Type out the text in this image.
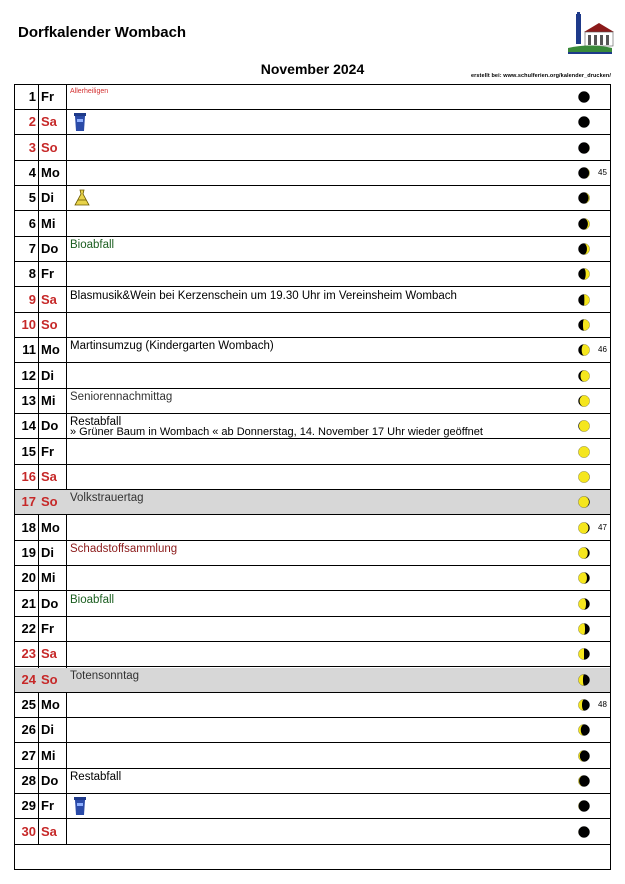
Dorfkalender Wombach
November 2024	erstellt bei: www.schulferien.org/kalender_drucken/
1 Fr	Allerheiligen
2 Sa
3 So
4 Mo	45
5 Di
6 Mi
7 Do	Bioabfall
8 Fr
9 Sa	Blasmusik&Wein bei Kerzenschein um 19.30 Uhr im Vereinsheim Wombach
10 So
11 Mo Martinsumzug (Kindergarten Wombach)	46
12 Di
13 Mi	Seniorennachmittag
14 Do	Restabfall
» Grüner Baum in Wombach « ab Donnerstag, 14. November 17 Uhr wieder geöffnet
15 Fr
16 Sa
17 So	Volkstrauertag
18 Mo	47
19 Di	Schadstoffsammlung
20 Mi
21 Do	Bioabfall
22 Fr
23 Sa
24 So	Totensonntag
25 Mo	48
26 Di
27 Mi
28 Do	Restabfall
29 Fr
30 Sa
